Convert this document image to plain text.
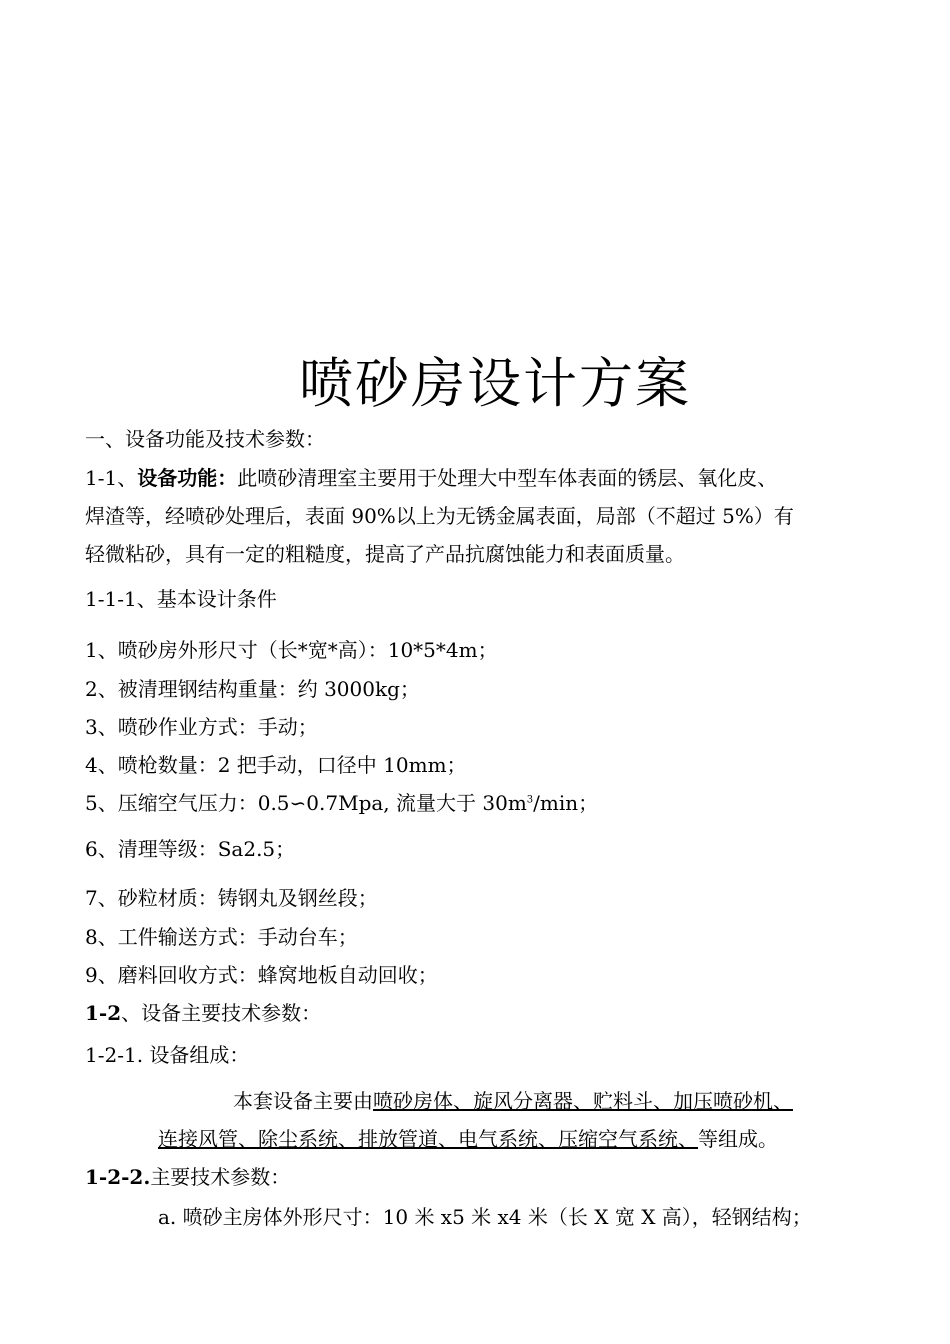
喷砂房设计方案
一、设备功能及技术参数：
1-1、设备功能：此喷砂清理室主要用于处理大中型车体表面的锈层、氧化皮、
焊渣等，经喷砂处理后，表面 90%以上为无锈金属表面，局部（不超过 5%）有
轻微粘砂，具有一定的粗糙度，提高了产品抗腐蚀能力和表面质量。
1-1-1、基本设计条件
1、喷砂房外形尺寸（长*宽*高）：10*5*4m；
2、被清理钢结构重量：约 3000kg；
3、喷砂作业方式：手动；
4、喷枪数量：2 把手动，口径中 10mm；
5、压缩空气压力：0.5∽0.7Mpa, 流量大于 $30m^3/\min$；
6、清理等级：Sa2.5；
7、砂粒材质：铸钢丸及钢丝段；
8、工件输送方式：手动台车；
9、磨料回收方式：蜂窝地板自动回收；
1-2、设备主要技术参数：
1-2-1. 设备组成：
本套设备主要由喷砂房体、旋风分离器、贮料斗、加压喷砂机、
连接风管、除尘系统、排放管道、电气系统、压缩空气系统、等组成。
1-2-2.主要技术参数：
a. 喷砂主房体外形尺寸：10 米 x5 米 x4 米（长 X 宽 X 高），轻钢结构；
